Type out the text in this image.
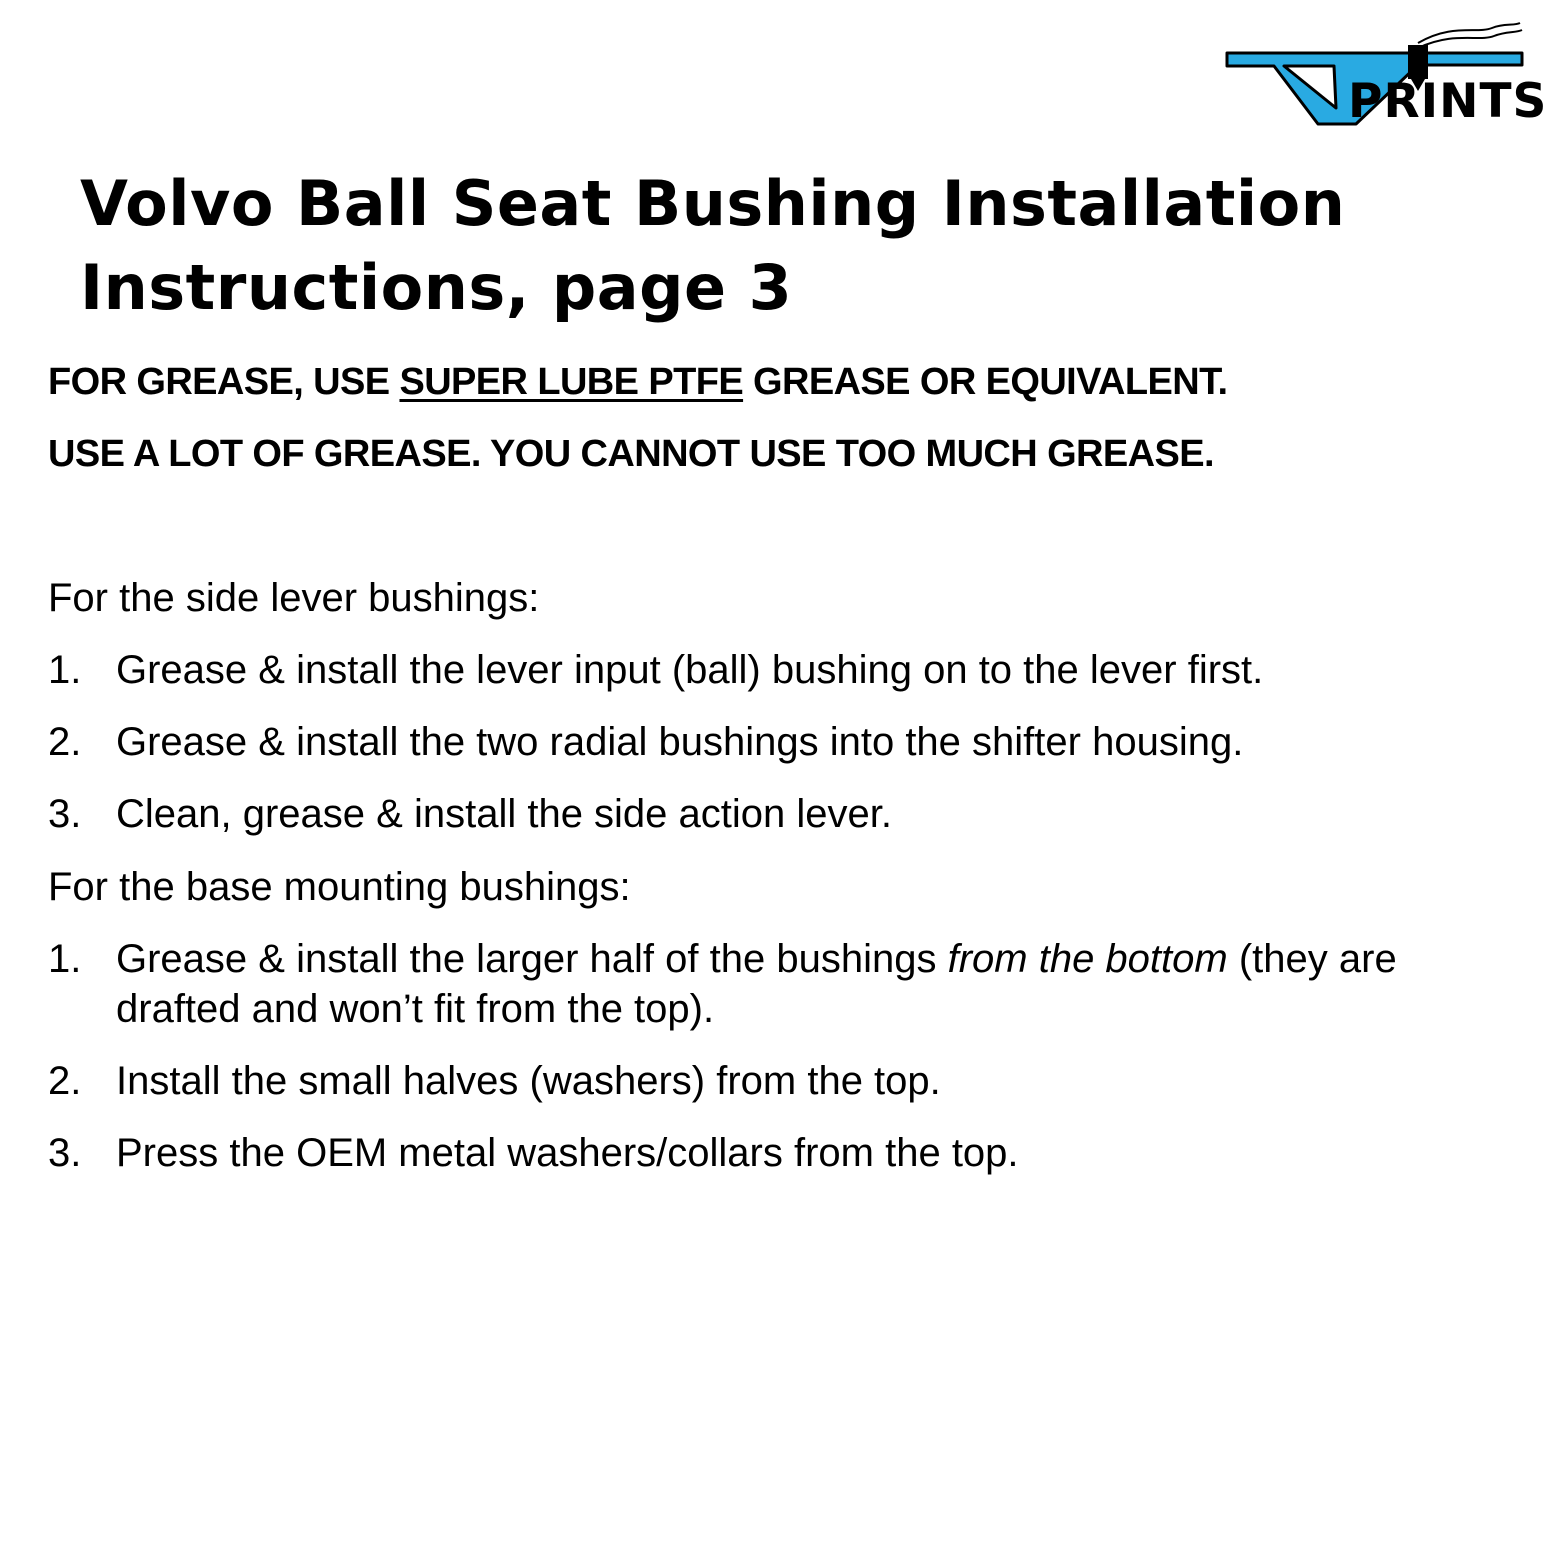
PRINTS
Volvo Ball Seat Bushing Installation Instructions, page 3
FOR GREASE, USE SUPER LUBE PTFE GREASE OR EQUIVALENT.
USE A LOT OF GREASE. YOU CANNOT USE TOO MUCH GREASE.
For the side lever bushings:
1. Grease & install the lever input (ball) bushing on to the lever first.
2. Grease & install the two radial bushings into the shifter housing.
3. Clean, grease & install the side action lever.
For the base mounting bushings:
1. Grease & install the larger half of the bushings from the bottom (they are drafted and won’t fit from the top).
2. Install the small halves (washers) from the top.
3. Press the OEM metal washers/collars from the top.
